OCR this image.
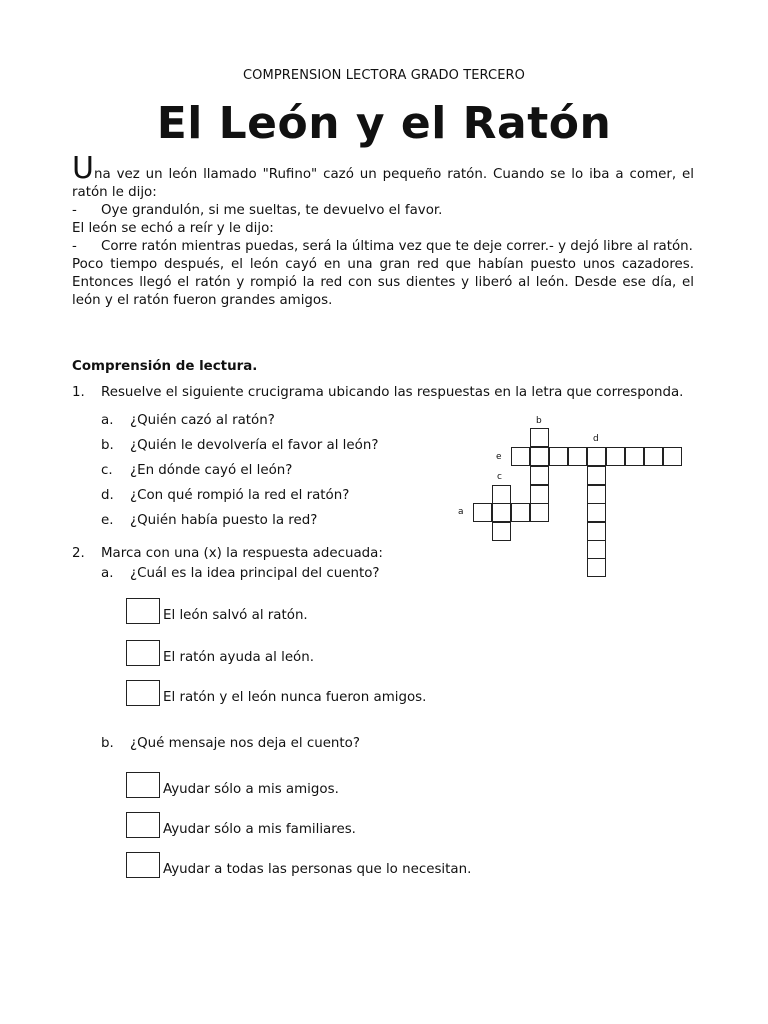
COMPRENSION LECTORA GRADO TERCERO
El León y el Ratón

Una vez un león llamado "Rufino" cazó un pequeño ratón. Cuando se lo iba a comer, el ratón le dijo:

-	Oye grandulón, si me sueltas, te devuelvo el favor.

El león se echó a reír y le dijo:

-	Corre ratón mientras puedas, será la última vez que te deje correr.- y dejó libre al ratón.

Poco tiempo después, el león cayó en una gran red que habían puesto unos cazadores. Entonces llegó el ratón y rompió la red con sus dientes y liberó al león. Desde ese día, el león y el ratón fueron grandes amigos.

Comprensión de lectura.
1.	Resuelve el siguiente crucigrama ubicando las respuestas en la letra que corresponda.
a.	¿Quién cazó al ratón?
b.	¿Quién le devolvería el favor al león?
c.	¿En dónde cayó el león?
d.	¿Con qué rompió la red el ratón?
e.	¿Quién había puesto la red?
b
d
e
c
a
2.	Marca con una (x) la respuesta adecuada:
a.	¿Cuál es la idea principal del cuento?
El león salvó al ratón.
El ratón ayuda al león.
El ratón y el león nunca fueron amigos.
b.	¿Qué mensaje nos deja el cuento?
Ayudar sólo a mis amigos.
Ayudar sólo a mis familiares.
Ayudar a todas las personas que lo necesitan.
